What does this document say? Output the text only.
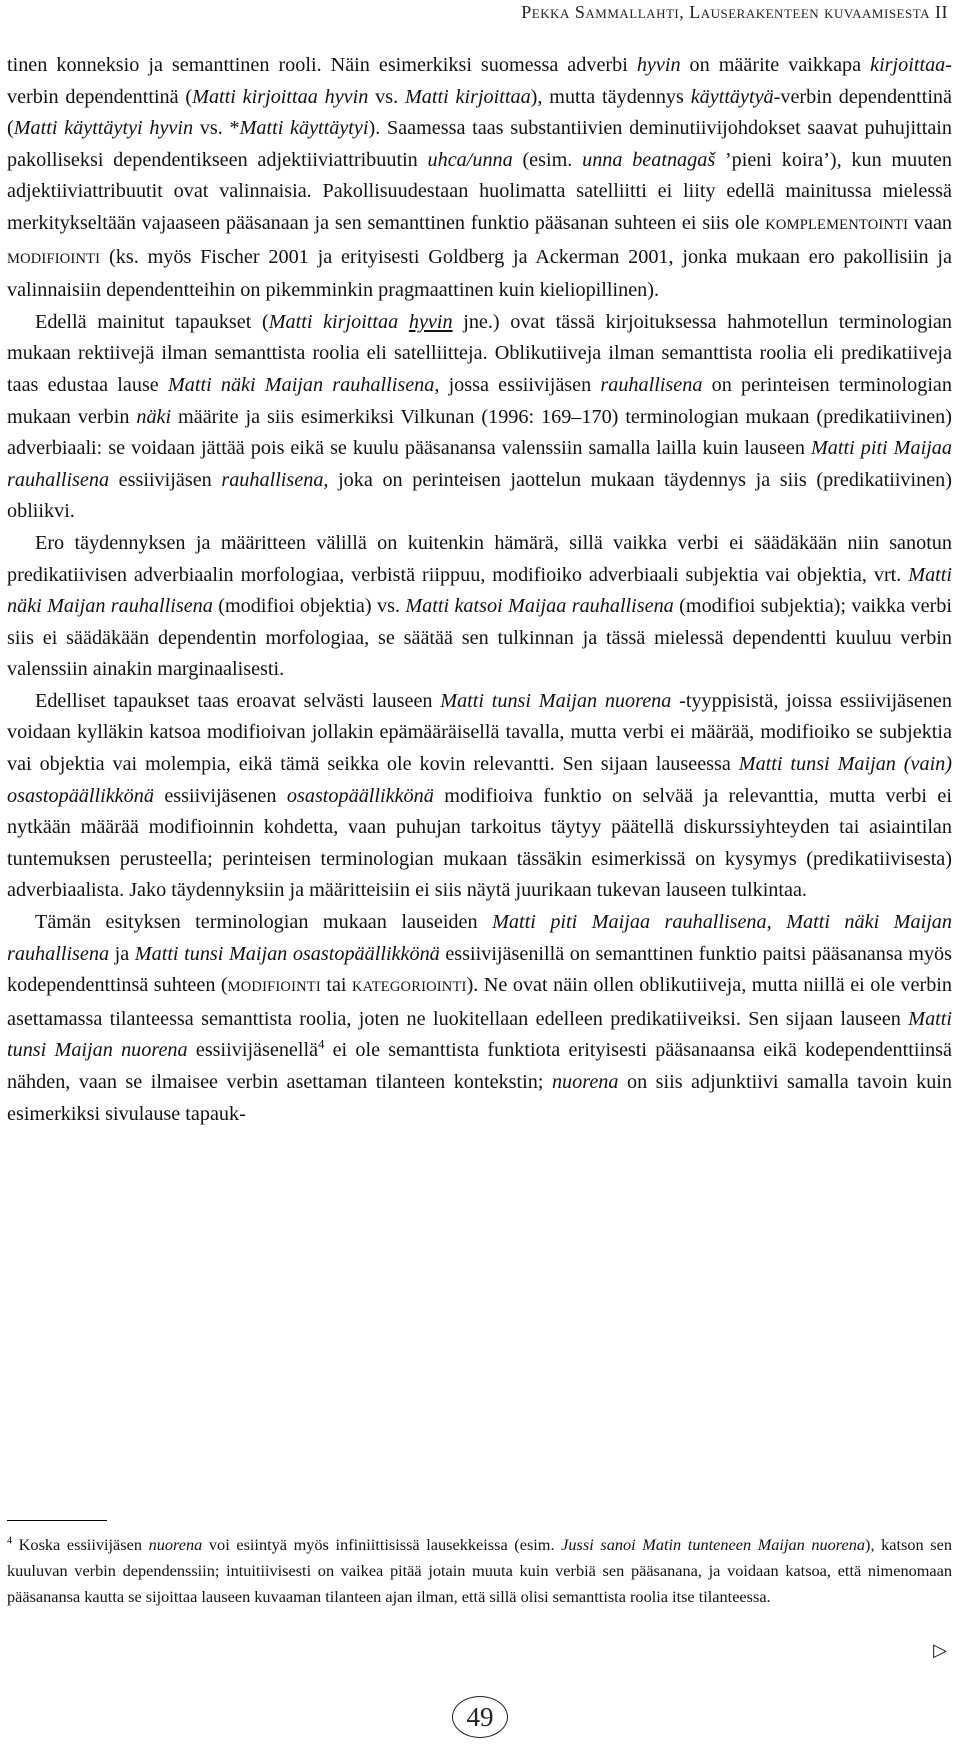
Pekka Sammallahti, Lauserakenteen kuvaamisesta II

tinen konneksio ja semanttinen rooli. Näin esimerkiksi suomessa adverbi hyvin on määrite vaikkapa kirjoittaa-verbin dependenttinä (Matti kirjoittaa hyvin vs. Matti kirjoittaa), mutta täydennys käyttäytyä-verbin dependenttinä (Matti käyttäytyi hyvin vs. *Matti käyttäytyi). Saamessa taas substantiivien deminutiivijohdokset saavat puhujittain pakolliseksi dependentikseen adjektiiviattribuutin uhca/unna (esim. unna beatnagaš ’pieni koira’), kun muuten adjektiiviattribuutit ovat valinnaisia. Pakollisuudestaan huolimatta satelliitti ei liity edellä mainitussa mielessä merkitykseltään vajaaseen pääsanaan ja sen semanttinen funktio pääsanan suhteen ei siis ole KOMPLEMENTOINTI vaan MODIFIOINTI (ks. myös Fischer 2001 ja erityisesti Goldberg ja Ackerman 2001, jonka mukaan ero pakollisiin ja valinnaisiin dependentteihin on pikemminkin pragmaattinen kuin kieliopillinen).

Edellä mainitut tapaukset (Matti kirjoittaa hyvin jne.) ovat tässä kirjoituksessa hahmotellun terminologian mukaan rektiivejä ilman semanttista roolia eli satelliitteja. Oblikutiiveja ilman semanttista roolia eli predikatiiveja taas edustaa lause Matti näki Maijan rauhallisena, jossa essiivijäsen rauhallisena on perinteisen terminologian mukaan verbin näki määrite ja siis esimerkiksi Vilkunan (1996: 169–170) terminologian mukaan (predikatiivinen) adverbiaali: se voidaan jättää pois eikä se kuulu pääsanansa valenssiin samalla lailla kuin lauseen Matti piti Maijaa rauhallisena essiivijäsen rauhallisena, joka on perinteisen jaottelun mukaan täydennys ja siis (predikatiivinen) obliikvi.

Ero täydennyksen ja määritteen välillä on kuitenkin hämärä, sillä vaikka verbi ei säädäkään niin sanotun predikatiivisen adverbiaalin morfologiaa, verbistä riippuu, modifioiko adverbiaali subjektia vai objektia, vrt. Matti näki Maijan rauhallisena (modifioi objektia) vs. Matti katsoi Maijaa rauhallisena (modifioi subjektia); vaikka verbi siis ei säädäkään dependentin morfologiaa, se säätää sen tulkinnan ja tässä mielessä dependentti kuuluu verbin valenssiin ainakin marginaalisesti.

Edelliset tapaukset taas eroavat selvästi lauseen Matti tunsi Maijan nuorena -tyyppisistä, joissa essiivijäsenen voidaan kylläkin katsoa modifioivan jollakin epämääräisellä tavalla, mutta verbi ei määrää, modifioiko se subjektia vai objektia vai molempia, eikä tämä seikka ole kovin relevantti. Sen sijaan lauseessa Matti tunsi Maijan (vain) osastopäällikkönä essiivijäsenen osastopäällikkönä modifioiva funktio on selvää ja relevanttia, mutta verbi ei nytkään määrää modifioinnin kohdetta, vaan puhujan tarkoitus täytyy päätellä diskurssiyhteyden tai asiaintilan tuntemuksen perusteella; perinteisen terminologian mukaan tässäkin esimerkissä on kysymys (predikatiivisesta) adverbiaalista. Jako täydennyksiin ja määritteisiin ei siis näytä juurikaan tukevan lauseen tulkintaa.

Tämän esityksen terminologian mukaan lauseiden Matti piti Maijaa rauhallisena, Matti näki Maijan rauhallisena ja Matti tunsi Maijan osastopäällikkönä essiivijäsenillä on semanttinen funktio paitsi pääsanansa myös kodependenttinsä suhteen (MODIFIOINTI tai KATEGORIOINTI). Ne ovat näin ollen oblikutiiveja, mutta niillä ei ole verbin asettamassa tilanteessa semanttista roolia, joten ne luokitellaan edelleen predikatiiveiksi. Sen sijaan lauseen Matti tunsi Maijan nuorena essiivijäsenellä$^4$ ei ole semanttista funktiota erityisesti pääsanaansa eikä kodependenttiinsä nähden, vaan se ilmaisee verbin asettaman tilanteen kontekstin; nuorena on siis adjunktiivi samalla tavoin kuin esimerkiksi sivulause tapauk-

$^4$ Koska essiivijäsen nuorena voi esiintyä myös infiniittisissä lausekkeissa (esim. Jussi sanoi Matin tunteneen Maijan nuorena), katson sen kuuluvan verbin dependenssiin; intuitiivisesti on vaikea pitää jotain muuta kuin verbiä sen pääsanana, ja voidaan katsoa, että nimenomaan pääsanansa kautta se sijoittaa lauseen kuvaaman tilanteen ajan ilman, että sillä olisi semanttista roolia itse tilanteessa.

▷
49
